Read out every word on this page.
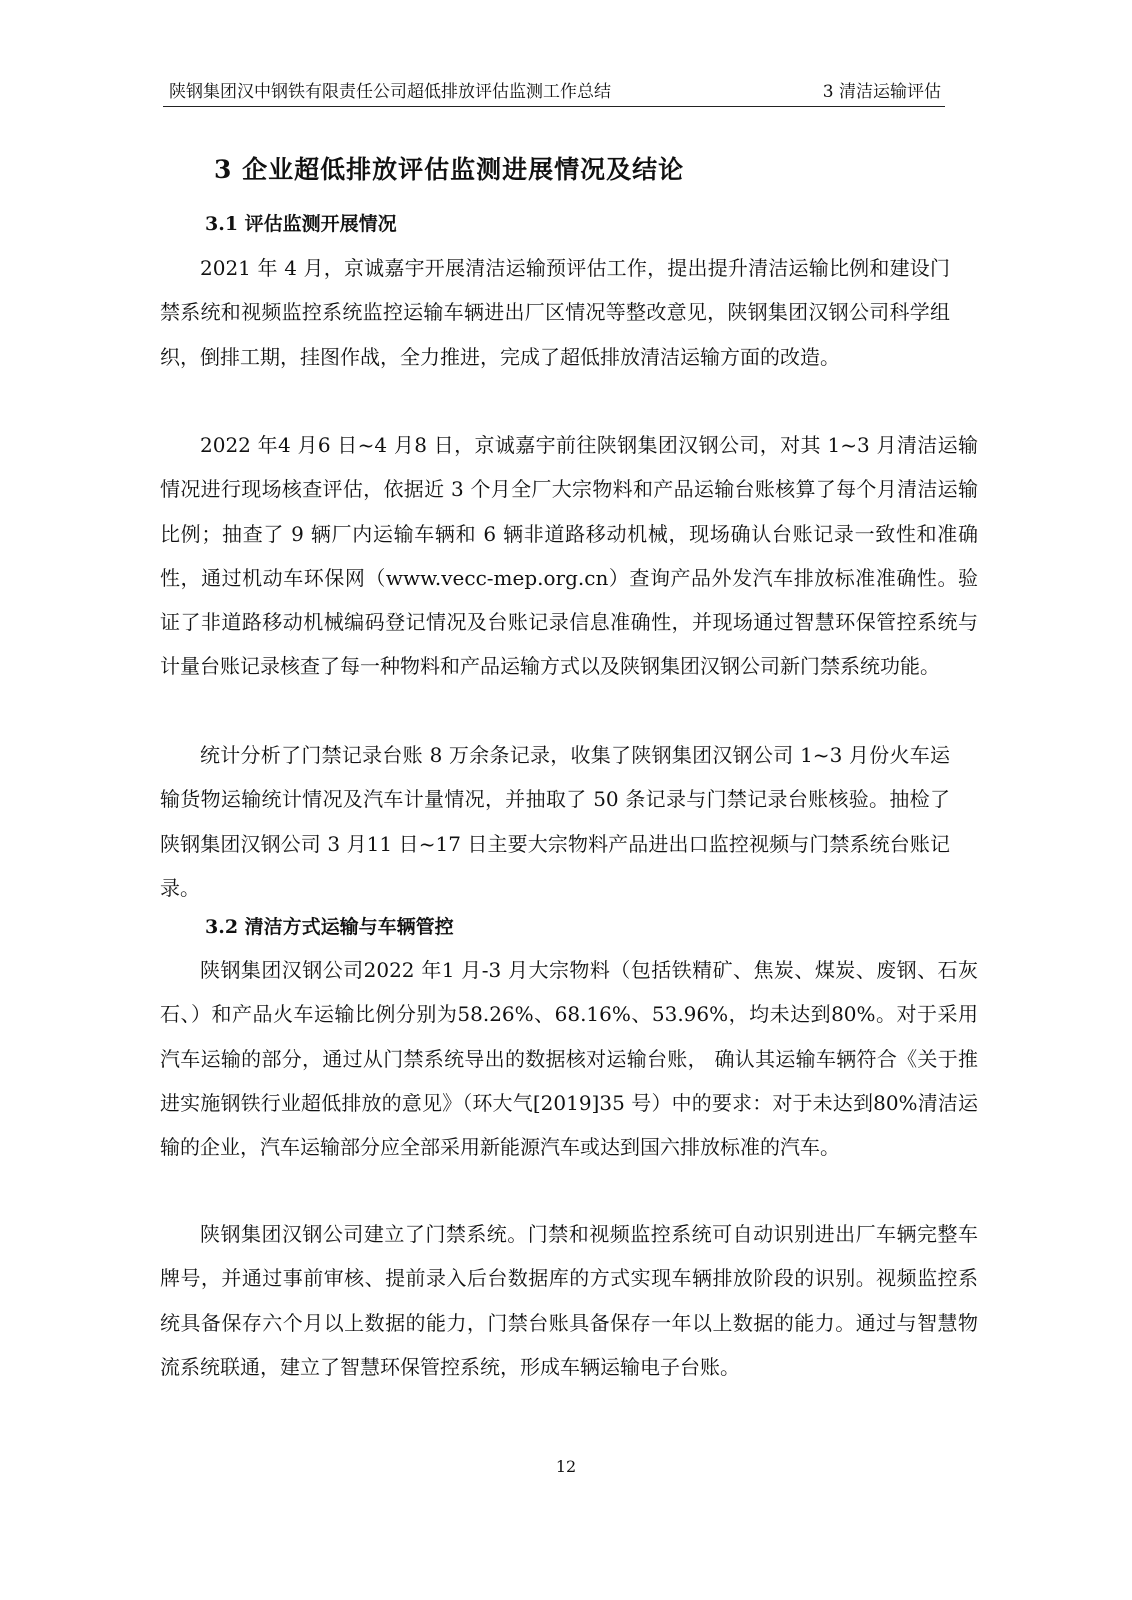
陕钢集团汉中钢铁有限责任公司超低排放评估监测工作总结	3 清洁运输评估
3 企业超低排放评估监测进展情况及结论
3.1 评估监测开展情况

2021 年 4 月，京诚嘉宇开展清洁运输预评估工作，提出提升清洁运输比例和建设门禁系统和视频监控系统监控运输车辆进出厂区情况等整改意见，陕钢集团汉钢公司科学组织，倒排工期，挂图作战，全力推进，完成了超低排放清洁运输方面的改造。

2022 年4 月6 日~4 月8 日，京诚嘉宇前往陕钢集团汉钢公司，对其 1~3 月清洁运输情况进行现场核查评估，依据近 3 个月全厂大宗物料和产品运输台账核算了每个月清洁运输比例；抽查了 9 辆厂内运输车辆和 6 辆非道路移动机械，现场确认台账记录一致性和准确性，通过机动车环保网（www.vecc-mep.org.cn）查询产品外发汽车排放标准准确性。验证了非道路移动机械编码登记情况及台账记录信息准确性，并现场通过智慧环保管控系统与计量台账记录核查了每一种物料和产品运输方式以及陕钢集团汉钢公司新门禁系统功能。

统计分析了门禁记录台账 8 万余条记录，收集了陕钢集团汉钢公司 1~3 月份火车运输货物运输统计情况及汽车计量情况，并抽取了 50 条记录与门禁记录台账核验。抽检了陕钢集团汉钢公司 3 月11 日~17 日主要大宗物料产品进出口监控视频与门禁系统台账记录。

3.2 清洁方式运输与车辆管控

陕钢集团汉钢公司2022 年1 月-3 月大宗物料（包括铁精矿、焦炭、煤炭、废钢、石灰石、）和产品火车运输比例分别为58.26%、68.16%、53.96%，均未达到80%。对于采用汽车运输的部分，通过从门禁系统导出的数据核对运输台账， 确认其运输车辆符合《关于推进实施钢铁行业超低排放的意见》（环大气[2019]35 号）中的要求：对于未达到80%清洁运输的企业，汽车运输部分应全部采用新能源汽车或达到国六排放标准的汽车。

陕钢集团汉钢公司建立了门禁系统。门禁和视频监控系统可自动识别进出厂车辆完整车牌号，并通过事前审核、提前录入后台数据库的方式实现车辆排放阶段的识别。视频监控系统具备保存六个月以上数据的能力，门禁台账具备保存一年以上数据的能力。通过与智慧物流系统联通，建立了智慧环保管控系统，形成车辆运输电子台账。

12
